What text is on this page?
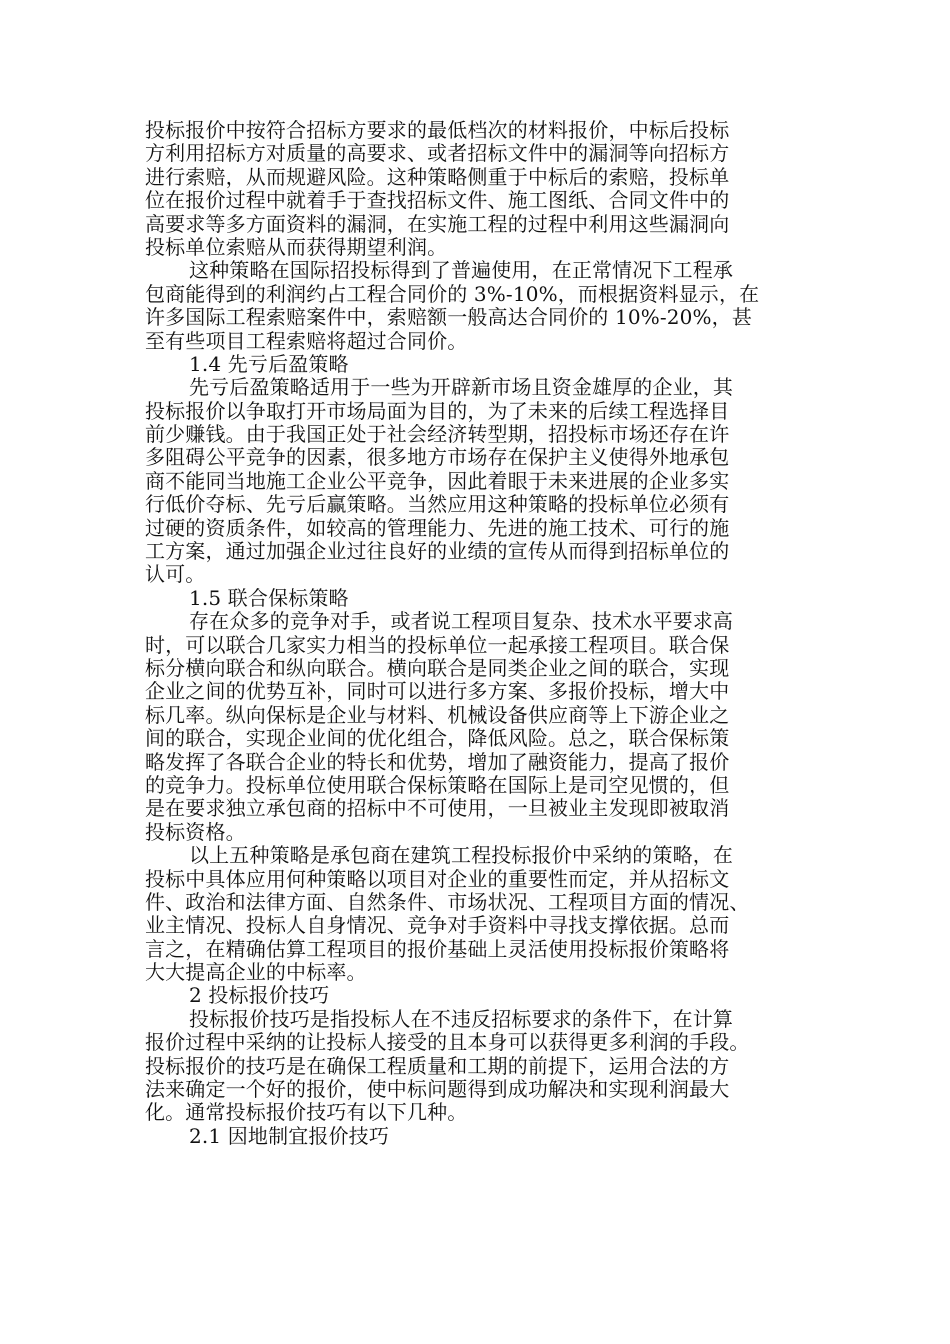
投标报价中按符合招标方要求的最低档次的材料报价，中标后投标
方利用招标方对质量的高要求、或者招标文件中的漏洞等向招标方
进行索赔，从而规避风险。这种策略侧重于中标后的索赔，投标单
位在报价过程中就着手于查找招标文件、施工图纸、合同文件中的
高要求等多方面资料的漏洞，在实施工程的过程中利用这些漏洞向
投标单位索赔从而获得期望利润。
这种策略在国际招投标得到了普遍使用，在正常情况下工程承
包商能得到的利润约占工程合同价的 3%-10%，而根据资料显示，在
许多国际工程索赔案件中，索赔额一般高达合同价的 10%-20%，甚
至有些项目工程索赔将超过合同价。
1.4 先亏后盈策略
先亏后盈策略适用于一些为开辟新市场且资金雄厚的企业，其
投标报价以争取打开市场局面为目的，为了未来的后续工程选择目
前少赚钱。由于我国正处于社会经济转型期，招投标市场还存在许
多阻碍公平竞争的因素，很多地方市场存在保护主义使得外地承包
商不能同当地施工企业公平竞争，因此着眼于未来进展的企业多实
行低价夺标、先亏后赢策略。当然应用这种策略的投标单位必须有
过硬的资质条件，如较高的管理能力、先进的施工技术、可行的施
工方案，通过加强企业过往良好的业绩的宣传从而得到招标单位的
认可。
1.5 联合保标策略
存在众多的竞争对手，或者说工程项目复杂、技术水平要求高
时，可以联合几家实力相当的投标单位一起承接工程项目。联合保
标分横向联合和纵向联合。横向联合是同类企业之间的联合，实现
企业之间的优势互补，同时可以进行多方案、多报价投标，增大中
标几率。纵向保标是企业与材料、机械设备供应商等上下游企业之
间的联合，实现企业间的优化组合，降低风险。总之，联合保标策
略发挥了各联合企业的特长和优势，增加了融资能力，提高了报价
的竞争力。投标单位使用联合保标策略在国际上是司空见惯的，但
是在要求独立承包商的招标中不可使用，一旦被业主发现即被取消
投标资格。
以上五种策略是承包商在建筑工程投标报价中采纳的策略，在
投标中具体应用何种策略以项目对企业的重要性而定，并从招标文
件、政治和法律方面、自然条件、市场状况、工程项目方面的情况、
业主情况、投标人自身情况、竞争对手资料中寻找支撑依据。总而
言之，在精确估算工程项目的报价基础上灵活使用投标报价策略将
大大提高企业的中标率。
2 投标报价技巧
投标报价技巧是指投标人在不违反招标要求的条件下，在计算
报价过程中采纳的让投标人接受的且本身可以获得更多利润的手段。
投标报价的技巧是在确保工程质量和工期的前提下，运用合法的方
法来确定一个好的报价，使中标问题得到成功解决和实现利润最大
化。通常投标报价技巧有以下几种。
2.1 因地制宜报价技巧
